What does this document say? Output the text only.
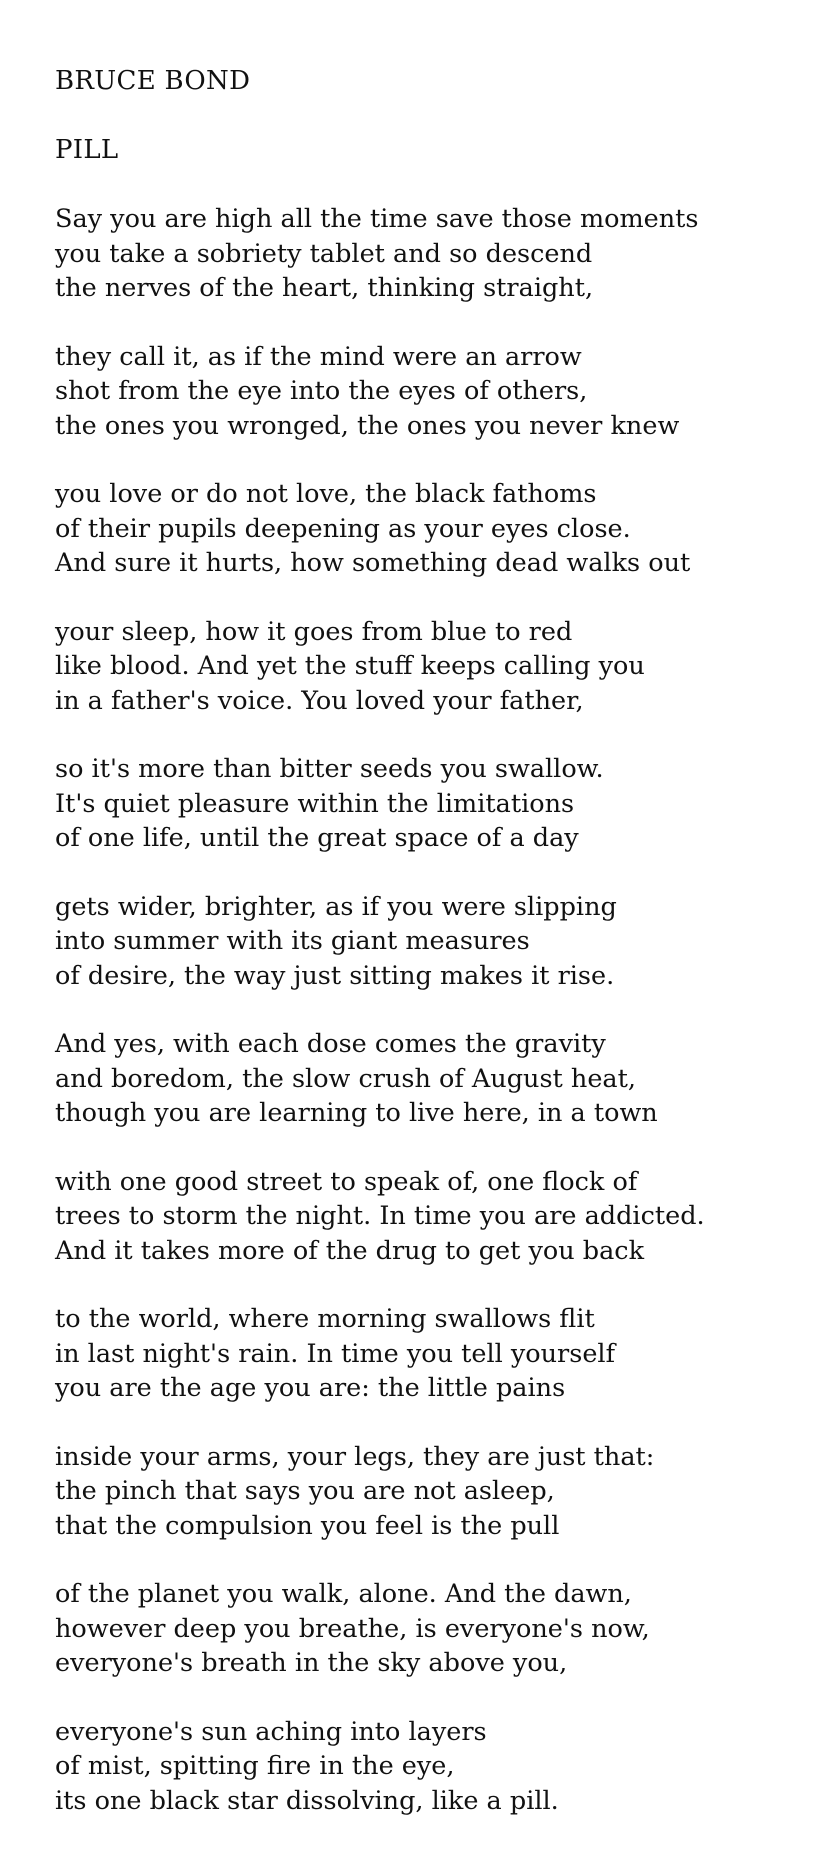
BRUCE BOND
PILL
Say you are high all the time save those moments
you take a sobriety tablet and so descend
the nerves of the heart, thinking straight,
they call it, as if the mind were an arrow
shot from the eye into the eyes of others,
the ones you wronged, the ones you never knew
you love or do not love, the black fathoms
of their pupils deepening as your eyes close.
And sure it hurts, how something dead walks out
your sleep, how it goes from blue to red
like blood. And yet the stuff keeps calling you
in a father's voice. You loved your father,
so it's more than bitter seeds you swallow.
It's quiet pleasure within the limitations
of one life, until the great space of a day
gets wider, brighter, as if you were slipping
into summer with its giant measures
of desire, the way just sitting makes it rise.
And yes, with each dose comes the gravity
and boredom, the slow crush of August heat,
though you are learning to live here, in a town
with one good street to speak of, one flock of
trees to storm the night. In time you are addicted.
And it takes more of the drug to get you back
to the world, where morning swallows flit
in last night's rain. In time you tell yourself
you are the age you are: the little pains
inside your arms, your legs, they are just that:
the pinch that says you are not asleep,
that the compulsion you feel is the pull
of the planet you walk, alone. And the dawn,
however deep you breathe, is everyone's now,
everyone's breath in the sky above you,
everyone's sun aching into layers
of mist, spitting fire in the eye,
its one black star dissolving, like a pill.
